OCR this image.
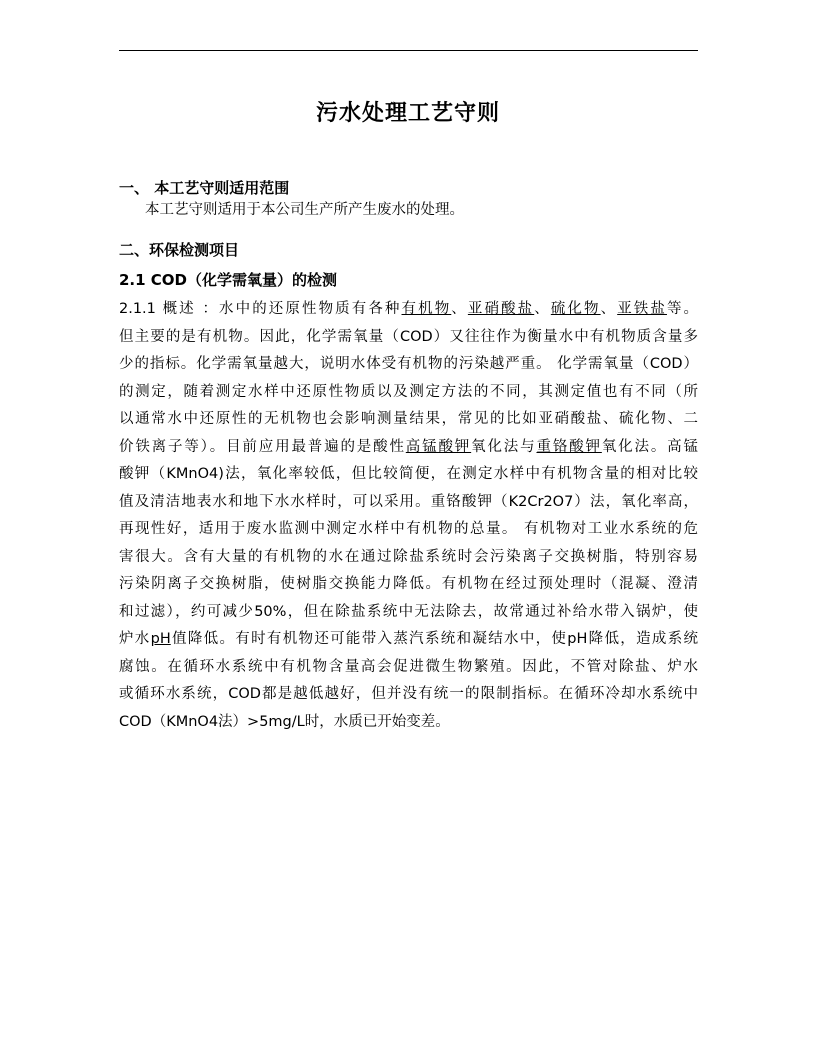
污水处理工艺守则
一、 本工艺守则适用范围
本工艺守则适用于本公司生产所产生废水的处理。
二、环保检测项目
2.1 COD（化学需氧量）的检测
2.1.1 概述 ：水中的还原性物质有各种有机物、亚硝酸盐、硫化物、亚铁盐等。
但主要的是有机物。因此，化学需氧量（COD）又往往作为衡量水中有机物质含量多
少的指标。化学需氧量越大，说明水体受有机物的污染越严重。 化学需氧量（COD）
的测定，随着测定水样中还原性物质以及测定方法的不同，其测定值也有不同（所
以通常水中还原性的无机物也会影响测量结果，常见的比如亚硝酸盐、硫化物、二
价铁离子等）。目前应用最普遍的是酸性高锰酸钾氧化法与重铬酸钾氧化法。高锰
酸钾（KMnO4)法，氧化率较低，但比较简便，在测定水样中有机物含量的相对比较
值及清洁地表水和地下水水样时，可以采用。重铬酸钾（K2Cr2O7）法，氧化率高，
再现性好，适用于废水监测中测定水样中有机物的总量。 有机物对工业水系统的危
害很大。含有大量的有机物的水在通过除盐系统时会污染离子交换树脂，特别容易
污染阴离子交换树脂，使树脂交换能力降低。有机物在经过预处理时（混凝、澄清
和过滤），约可减少50%，但在除盐系统中无法除去，故常通过补给水带入锅炉，使
炉水pH值降低。有时有机物还可能带入蒸汽系统和凝结水中，使pH降低，造成系统
腐蚀。在循环水系统中有机物含量高会促进微生物繁殖。因此，不管对除盐、炉水
或循环水系统，COD都是越低越好，但并没有统一的限制指标。在循环冷却水系统中
COD（KMnO4法）>5mg/L时，水质已开始变差。
